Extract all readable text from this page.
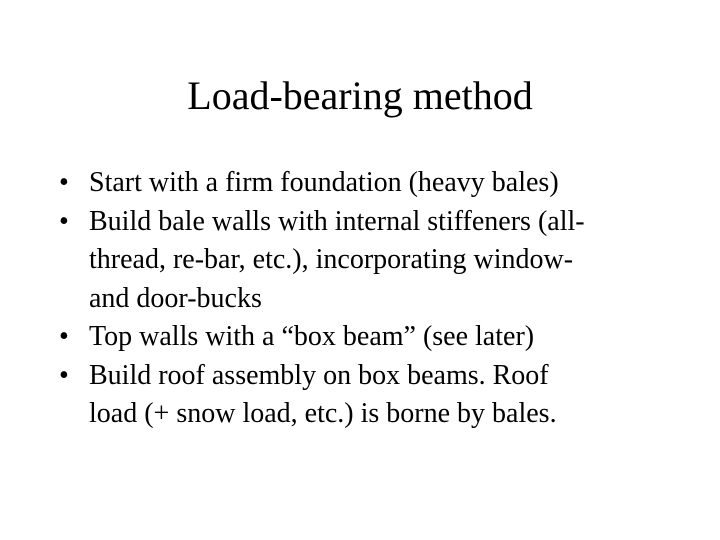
Load-bearing method
• Start with a firm foundation (heavy bales)
• Build bale walls with internal stiffeners (all-
thread, re-bar, etc.), incorporating window-
and door-bucks
• Top walls with a “box beam” (see later)
• Build roof assembly on box beams. Roof
load (+ snow load, etc.) is borne by bales.
